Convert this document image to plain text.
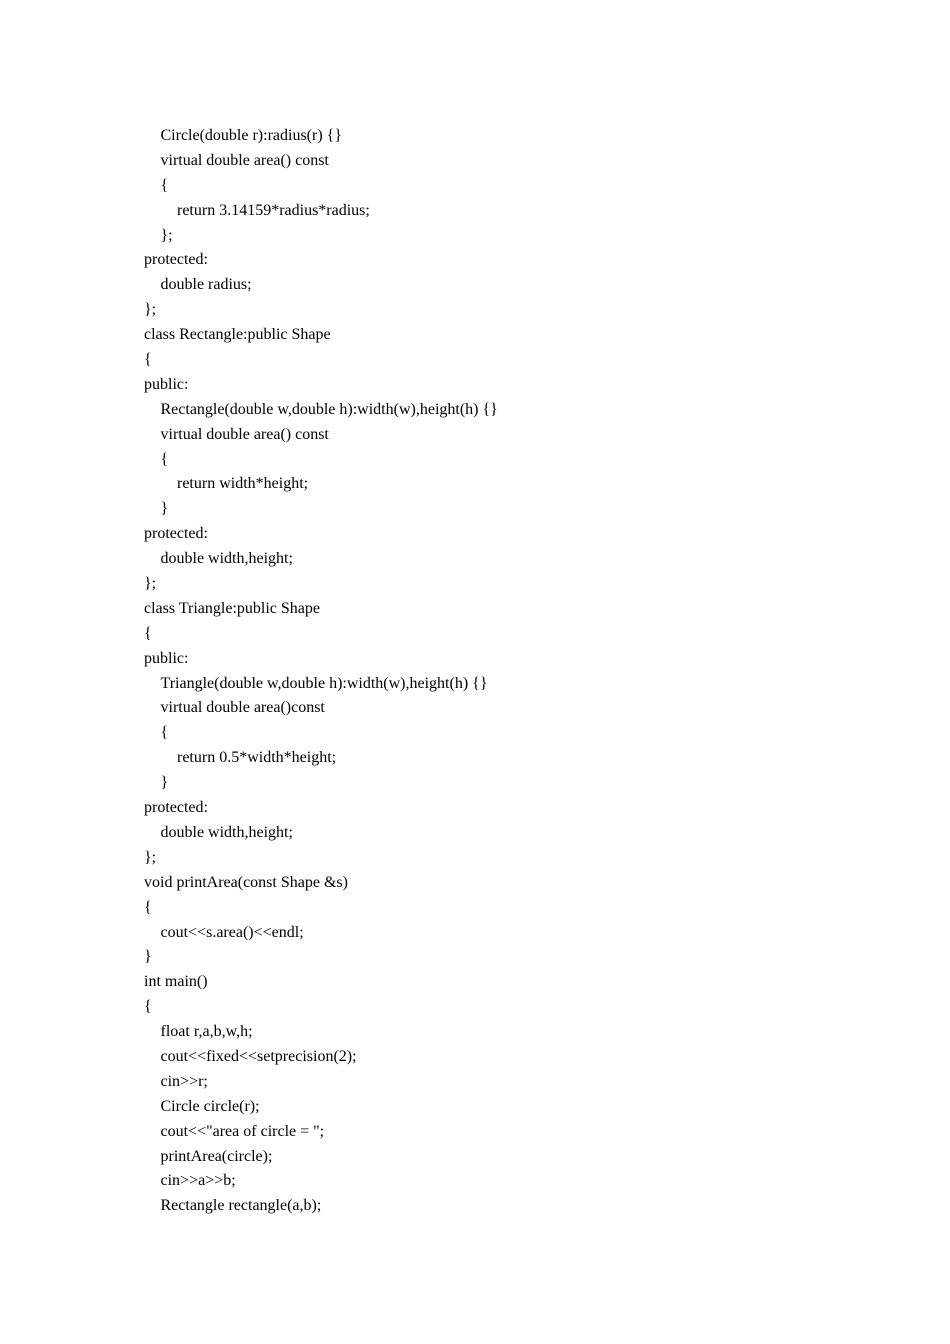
Circle(double r):radius(r) {}
virtual double area() const
{
return 3.14159*radius*radius;
};
protected:
double radius;
};
class Rectangle:public Shape
{
public:
Rectangle(double w,double h):width(w),height(h) {}
virtual double area() const
{
return width*height;
}
protected:
double width,height;
};
class Triangle:public Shape
{
public:
Triangle(double w,double h):width(w),height(h) {}
virtual double area()const
{
return 0.5*width*height;
}
protected:
double width,height;
};
void printArea(const Shape &s)
{
cout<<s.area()<<endl;
}
int main()
{
float r,a,b,w,h;
cout<<fixed<<setprecision(2);
cin>>r;
Circle circle(r);
cout<<"area of circle = ";
printArea(circle);
cin>>a>>b;
Rectangle rectangle(a,b);
